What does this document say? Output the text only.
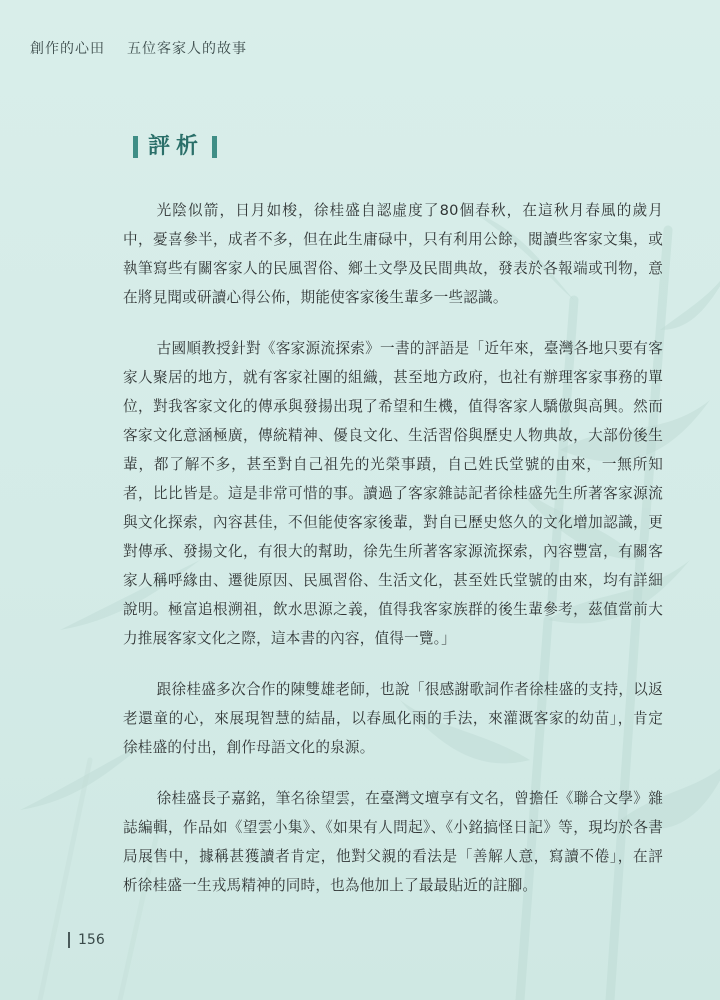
創作的心田 五位客家人的故事
評析

光陰似箭，日月如梭，徐桂盛自認虛度了80個春秋，在這秋月春風的歲月中，憂喜參半，成者不多，但在此生庸碌中，只有利用公餘，閱讀些客家文集，或執筆寫些有關客家人的民風習俗、鄉土文學及民間典故，發表於各報端或刊物，意在將見聞或研讀心得公佈，期能使客家後生輩多一些認識。

古國順教授針對《客家源流探索》一書的評語是「近年來，臺灣各地只要有客家人聚居的地方，就有客家社團的組織，甚至地方政府，也社有辦理客家事務的單位，對我客家文化的傳承與發揚出現了希望和生機，值得客家人驕傲與高興。然而客家文化意涵極廣，傳統精神、優良文化、生活習俗與歷史人物典故，大部份後生輩，都了解不多，甚至對自己祖先的光榮事蹟，自己姓氏堂號的由來，一無所知者，比比皆是。這是非常可惜的事。讀過了客家雜誌記者徐桂盛先生所著客家源流與文化探索，內容甚佳，不但能使客家後輩，對自已歷史悠久的文化增加認識，更對傳承、發揚文化，有很大的幫助，徐先生所著客家源流探索，內容豐富，有關客家人稱呼緣由、遷徙原因、民風習俗、生活文化，甚至姓氏堂號的由來，均有詳細說明。極富追根溯祖，飲水思源之義，值得我客家族群的後生輩參考，茲值當前大力推展客家文化之際，這本書的內容，值得一覽。」

跟徐桂盛多次合作的陳雙雄老師，也說「很感謝歌詞作者徐桂盛的支持，以返老還童的心，來展現智慧的結晶，以春風化雨的手法，來灌溉客家的幼苗」，肯定徐桂盛的付出，創作母語文化的泉源。

徐桂盛長子嘉銘，筆名徐望雲，在臺灣文壇享有文名，曾擔任《聯合文學》雜誌編輯，作品如《望雲小集》、《如果有人問起》、《小銘搞怪日記》等，現均於各書局展售中，據稱甚獲讀者肯定，他對父親的看法是「善解人意，寫讀不倦」，在評析徐桂盛一生戎馬精神的同時，也為他加上了最最貼近的註腳。

156
